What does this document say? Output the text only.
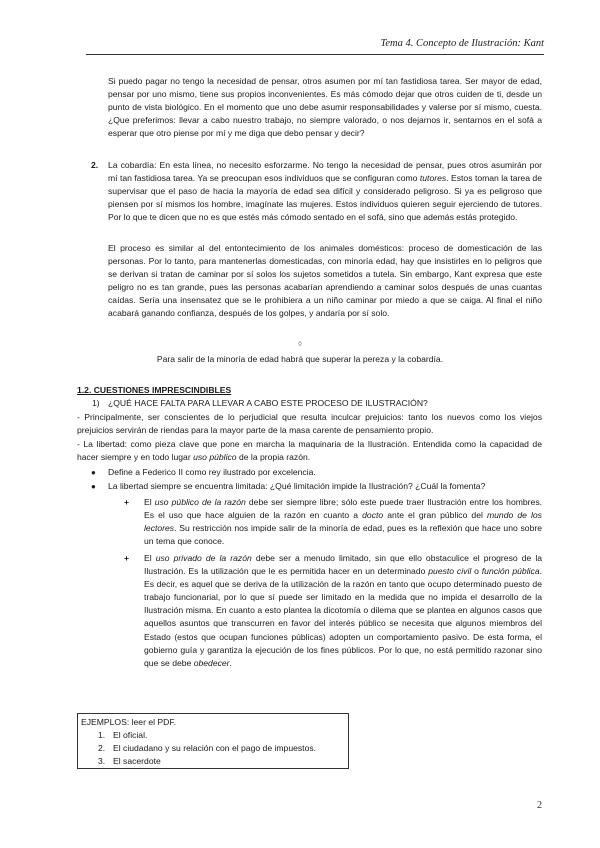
Tema 4. Concepto de Ilustración: Kant
Si puedo pagar no tengo la necesidad de pensar, otros asumen por mí tan fastidiosa tarea. Ser mayor de edad, pensar por uno mismo, tiene sus propios inconvenientes. Es más cómodo dejar que otros cuiden de ti, desde un punto de vista biológico. En el momento que uno debe asumir responsabilidades y valerse por sí mismo, cuesta. ¿Que preferimos: llevar a cabo nuestro trabajo, no siempre valorado, o nos dejarnos ir, sentarnos en el sofá a esperar que otro piense por mí y me diga que debo pensar y decir?
2. La cobardía: En esta línea, no necesito esforzarme. No tengo la necesidad de pensar, pues otros asumirán por mí tan fastidiosa tarea. Ya se preocupan esos individuos que se configuran como tutores. Estos toman la tarea de supervisar que el paso de hacia la mayoría de edad sea difícil y considerado peligroso. Si ya es peligroso que piensen por sí mismos los hombre, imagínate las mujeres. Estos individuos quieren seguir ejerciendo de tutores. Por lo que te dicen que no es que estés más cómodo sentado en el sofá, sino que además estás protegido.
El proceso es similar al del entontecimiento de los animales domésticos: proceso de domesticación de las personas. Por lo tanto, para mantenerlas domesticadas, con minoría edad, hay que insistirles en lo peligros que se derivan si tratan de caminar por sí solos los sujetos sometidos a tutela. Sin embargo, Kant expresa que este peligro no es tan grande, pues las personas acabarían aprendiendo a caminar solos después de unas cuantas caídas. Sería una insensatez que se le prohibiera a un niño caminar por miedo a que se caiga. Al final el niño acabará ganando confianza, después de los golpes, y andaría por sí solo.
◊
Para salir de la minoría de edad habrá que superar la pereza y la cobardía.
1.2. CUESTIONES IMPRESCINDIBLES
1) ¿QUÉ HACE FALTA PARA LLEVAR A CABO ESTE PROCESO DE ILUSTRACIÓN?
- Principalmente, ser conscientes de lo perjudicial que resulta inculcar prejuicios: tanto los nuevos como los viejos prejuicios servirán de riendas para la mayor parte de la masa carente de pensamiento propio.
- La libertad: como pieza clave que pone en marcha la maquinaria de la Ilustración. Entendida como la capacidad de hacer siempre y en todo lugar uso público de la propia razón.
● Define a Federico II como rey ilustrado por excelencia.
● La libertad siempre se encuentra limitada: ¿Qué limitación impide la Ilustración? ¿Cuál la fomenta?
+ El uso público de la razón debe ser siempre libre; sólo este puede traer Ilustración entre los hombres. Es el uso que hace alguien de la razón en cuanto a docto ante el gran público del mundo de los lectores. Su restricción nos impide salir de la minoría de edad, pues es la reflexión que hace uno sobre un tema que conoce.
+ El uso privado de la razón debe ser a menudo limitado, sin que ello obstaculice el progreso de la Ilustración. Es la utilización que le es permitida hacer en un determinado puesto civil o función pública. Es decir, es aquel que se deriva de la utilización de la razón en tanto que ocupo determinado puesto de trabajo funcionarial, por lo que sí puede ser limitado en la medida que no impida el desarrollo de la Ilustración misma. En cuanto a esto plantea la dicotomía o dilema que se plantea en algunos casos que aquellos asuntos que transcurren en favor del interés público se necesita que algunos miembros del Estado (estos que ocupan funciones públicas) adopten un comportamiento pasivo. De esta forma, el gobierno guía y garantiza la ejecución de los fines públicos. Por lo que, no está permitido razonar sino que se debe obedecer.
EJEMPLOS: leer el PDF.
1. El oficial.
2. El ciudadano y su relación con el pago de impuestos.
3. El sacerdote
2
